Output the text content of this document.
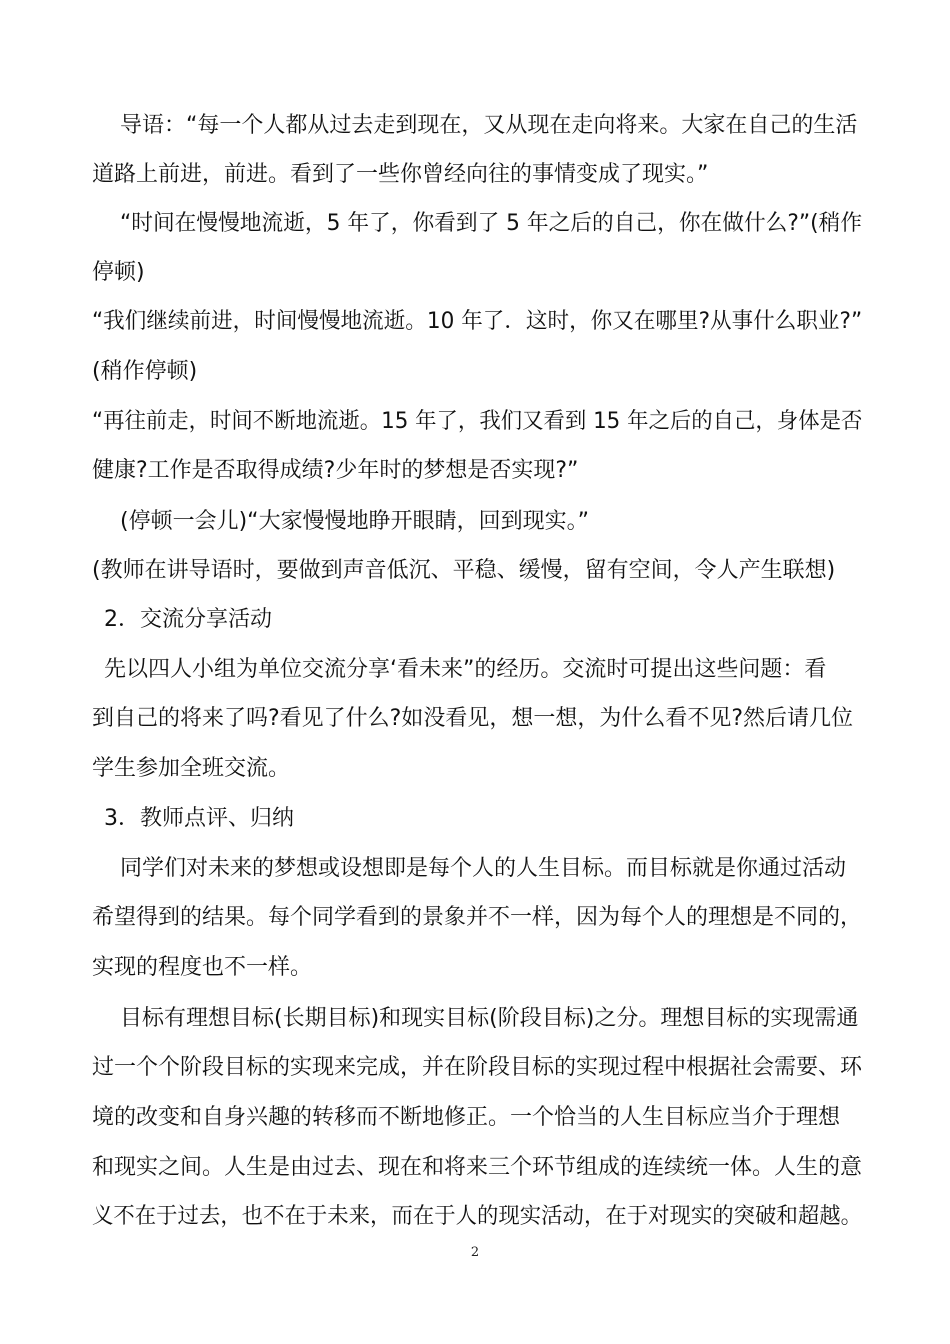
导语：“每一个人都从过去走到现在，又从现在走向将来。大家在自己的生活
道路上前进，前进。看到了一些你曾经向往的事情变成了现实。”
“时间在慢慢地流逝，5 年了，你看到了 5 年之后的自己，你在做什么?”(稍作
停顿)
“我们继续前进，时间慢慢地流逝。10 年了．这时，你又在哪里?从事什么职业?”
(稍作停顿)
“再往前走，时间不断地流逝。15 年了，我们又看到 15 年之后的自己，身体是否
健康?工作是否取得成绩?少年时的梦想是否实现?”
(停顿一会儿)“大家慢慢地睁开眼睛，回到现实。”
(教师在讲导语时，要做到声音低沉、平稳、缓慢，留有空间，令人产生联想)
2．交流分享活动
先以四人小组为单位交流分享‘看未来”的经历。交流时可提出这些问题：看
到自己的将来了吗?看见了什么?如没看见，想一想，为什么看不见?然后请几位
学生参加全班交流。
3．教师点评、归纳
同学们对未来的梦想或设想即是每个人的人生目标。而目标就是你通过活动
希望得到的结果。每个同学看到的景象并不一样，因为每个人的理想是不同的，
实现的程度也不一样。
目标有理想目标(长期目标)和现实目标(阶段目标)之分。理想目标的实现需通
过一个个阶段目标的实现来完成，并在阶段目标的实现过程中根据社会需要、环
境的改变和自身兴趣的转移而不断地修正。一个恰当的人生目标应当介于理想
和现实之间。人生是由过去、现在和将来三个环节组成的连续统一体。人生的意
义不在于过去，也不在于未来，而在于人的现实活动，在于对现实的突破和超越。
2
